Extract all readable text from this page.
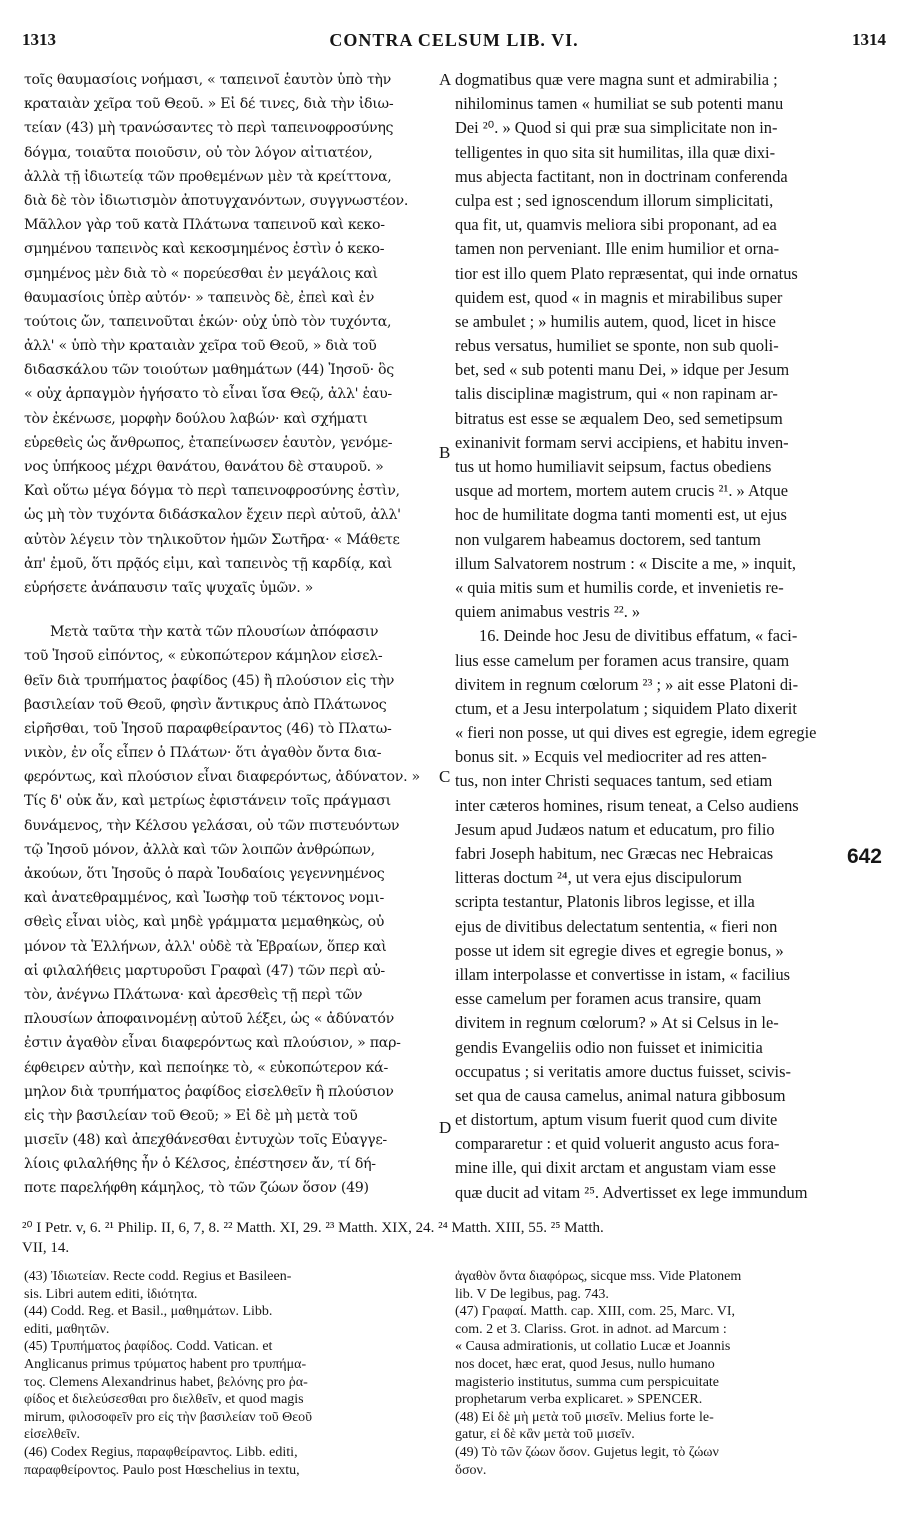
1313	CONTRA CELSUM LIB. VI.	1314
τοῖς θαυμασίοις νοήμασι, « ταπεινοῖ ἑαυτὸν ὑπὸ τὴν
κραταιὰν χεῖρα τοῦ Θεοῦ. » Εἰ δέ τινες, διὰ τὴν ἰδιω-
τείαν (43) μὴ τρανώσαντες τὸ περὶ ταπεινοφροσύνης
δόγμα, τοιαῦτα ποιοῦσιν, οὐ τὸν λόγον αἰτιατέον,
ἀλλὰ τῇ ἰδιωτείᾳ τῶν προθεμένων μὲν τὰ κρείττονα,
διὰ δὲ τὸν ἰδιωτισμὸν ἀποτυγχανόντων, συγγνωστέον.
Μᾶλλον γὰρ τοῦ κατὰ Πλάτωνα ταπεινοῦ καὶ κεκο-
σμημένου ταπεινὸς καὶ κεκοσμημένος ἐστὶν ὁ κεκο-
σμημένος μὲν διὰ τὸ « πορεύεσθαι ἐν μεγάλοις καὶ
θαυμασίοις ὑπὲρ αὐτόν· » ταπεινὸς δὲ, ἐπεὶ καὶ ἐν
τούτοις ὤν, ταπεινοῦται ἑκών· οὐχ ὑπὸ τὸν τυχόντα,
ἀλλ' « ὑπὸ τὴν κραταιὰν χεῖρα τοῦ Θεοῦ, » διὰ τοῦ
διδασκάλου τῶν τοιούτων μαθημάτων (44) Ἰησοῦ· ὃς
« οὐχ ἁρπαγμὸν ἡγήσατο τὸ εἶναι ἴσα Θεῷ, ἀλλ' ἑαυ-
τὸν ἐκένωσε, μορφὴν δούλου λαβών· καὶ σχήματι
εὑρεθεὶς ὡς ἄνθρωπος, ἐταπείνωσεν ἑαυτὸν, γενόμε-
νος ὑπήκοος μέχρι θανάτου, θανάτου δὲ σταυροῦ. »
Καὶ οὕτω μέγα δόγμα τὸ περὶ ταπεινοφροσύνης ἐστὶν,
ὡς μὴ τὸν τυχόντα διδάσκαλον ἔχειν περὶ αὐτοῦ, ἀλλ'
αὐτὸν λέγειν τὸν τηλικοῦτον ἡμῶν Σωτῆρα· « Μάθετε
ἀπ' ἐμοῦ, ὅτι πρᾷός εἰμι, καὶ ταπεινὸς τῇ καρδίᾳ, καὶ
εὑρήσετε ἀνάπαυσιν ταῖς ψυχαῖς ὑμῶν. »
Μετὰ ταῦτα τὴν κατὰ τῶν πλουσίων ἀπόφασιν
τοῦ Ἰησοῦ εἰπόντος, « εὐκοπώτερον κάμηλον εἰσελ-
θεῖν διὰ τρυπήματος ῥαφίδος (45) ἢ πλούσιον εἰς τὴν
βασιλείαν τοῦ Θεοῦ, φησὶν ἄντικρυς ἀπὸ Πλάτωνος
εἰρῆσθαι, τοῦ Ἰησοῦ παραφθείραντος (46) τὸ Πλατω-
νικὸν, ἐν οἷς εἶπεν ὁ Πλάτων· ὅτι ἀγαθὸν ὄντα δια-
φερόντως, καὶ πλούσιον εἶναι διαφερόντως, ἀδύνατον. »
Τίς δ' οὐκ ἄν, καὶ μετρίως ἐφιστάνειν τοῖς πράγμασι
δυνάμενος, τὴν Κέλσου γελάσαι, οὐ τῶν πιστευόντων
τῷ Ἰησοῦ μόνον, ἀλλὰ καὶ τῶν λοιπῶν ἀνθρώπων,
ἀκούων, ὅτι Ἰησοῦς ὁ παρὰ Ἰουδαίοις γεγεννημένος
καὶ ἀνατεθραμμένος, καὶ Ἰωσὴφ τοῦ τέκτονος νομι-
σθεὶς εἶναι υἱὸς, καὶ μηδὲ γράμματα μεμαθηκὼς, οὐ
μόνον τὰ Ἑλλήνων, ἀλλ' οὐδὲ τὰ Ἑβραίων, ὅπερ καὶ
αἱ φιλαλήθεις μαρτυροῦσι Γραφαὶ (47) τῶν περὶ αὐ-
τὸν, ἀνέγνω Πλάτωνα· καὶ ἀρεσθεὶς τῇ περὶ τῶν
πλουσίων ἀποφαινομένῃ αὐτοῦ λέξει, ὡς « ἀδύνατόν
ἐστιν ἀγαθὸν εἶναι διαφερόντως καὶ πλούσιον, » παρ-
έφθειρεν αὐτὴν, καὶ πεποίηκε τὸ, « εὐκοπώτερον κά-
μηλον διὰ τρυπήματος ῥαφίδος εἰσελθεῖν ἢ πλούσιον
εἰς τὴν βασιλείαν τοῦ Θεοῦ; » Εἰ δὲ μὴ μετὰ τοῦ
μισεῖν (48) καὶ ἀπεχθάνεσθαι ἐντυχὼν τοῖς Εὐαγγε-
λίοις φιλαλήθης ἦν ὁ Κέλσος, ἐπέστησεν ἄν, τί δή-
ποτε παρελήφθη κάμηλος, τὸ τῶν ζώων ὅσον (49)
dogmatibus quæ vere magna sunt et admirabilia ;
nihilominus tamen « humiliat se sub potenti manu
Dei ²⁰. » Quod si qui præ sua simplicitate non in-
telligentes in quo sita sit humilitas, illa quæ dixi-
mus abjecta factitant, non in doctrinam conferenda
culpa est ; sed ignoscendum illorum simplicitati,
qua fit, ut, quamvis meliora sibi proponant, ad ea
tamen non perveniant. Ille enim humilior et orna-
tior est illo quem Plato repræsentat, qui inde ornatus
quidem est, quod « in magnis et mirabilibus super
se ambulet ; » humilis autem, quod, licet in hisce
rebus versatus, humiliet se sponte, non sub quoli-
bet, sed « sub potenti manu Dei, » idque per Jesum
talis disciplinæ magistrum, qui « non rapinam ar-
bitratus est esse se æqualem Deo, sed semetipsum
exinanivit formam servi accipiens, et habitu inven-
tus ut homo humiliavit seipsum, factus obediens
usque ad mortem, mortem autem crucis ²¹. » Atque
hoc de humilitate dogma tanti momenti est, ut ejus
non vulgarem habeamus doctorem, sed tantum
illum Salvatorem nostrum : « Discite a me, » inquit,
« quia mitis sum et humilis corde, et invenietis re-
quiem animabus vestris ²². »
16. Deinde hoc Jesu de divitibus effatum, « faci-
lius esse camelum per foramen acus transire, quam
divitem in regnum cœlorum ²³ ; » ait esse Platoni di-
ctum, et a Jesu interpolatum ; siquidem Plato dixerit
« fieri non posse, ut qui dives est egregie, idem egregie
bonus sit. » Ecquis vel mediocriter ad res atten-
tus, non inter Christi sequaces tantum, sed etiam
inter cæteros homines, risum teneat, a Celso audiens
Jesum apud Judæos natum et educatum, pro filio
fabri Joseph habitum, nec Græcas nec Hebraicas
litteras doctum ²⁴, ut vera ejus discipulorum
scripta testantur, Platonis libros legisse, et illa
ejus de divitibus delectatum sententia, « fieri non
posse ut idem sit egregie dives et egregie bonus, »
illam interpolasse et convertisse in istam, « facilius
esse camelum per foramen acus transire, quam
divitem in regnum cœlorum? » At si Celsus in le-
gendis Evangeliis odio non fuisset et inimicitia
occupatus ; si veritatis amore ductus fuisset, scivis-
set qua de causa camelus, animal natura gibbosum
et distortum, aptum visum fuerit quod cum divite
compararetur : et quid voluerit angusto acus fora-
mine ille, qui dixit arctam et angustam viam esse
quæ ducit ad vitam ²⁵. Advertisset ex lege immundum
A
B
C
D
642
²⁰ I Petr. v, 6. ²¹ Philip. II, 6, 7, 8. ²² Matth. XI, 29. ²³ Matth. XIX, 24. ²⁴ Matth. XIII, 55. ²⁵ Matth.
VII, 14.
(43) Ἰδιωτείαν. Recte codd. Regius et Basileen-
sis. Libri autem editi, ἰδιότητα.
(44) Codd. Reg. et Basil., μαθημάτων. Libb.
editi, μαθητῶν.
(45) Τρυπήματος ῥαφίδος. Codd. Vatican. et
Anglicanus primus τρύματος habent pro τρυπήμα-
τος. Clemens Alexandrinus habet, βελόνης pro ῥα-
φίδος et διελεύσεσθαι pro διελθεῖν, et quod magis
mirum, φιλοσοφεῖν pro εἰς τὴν βασιλείαν τοῦ Θεοῦ
εἰσελθεῖν.
(46) Codex Regius, παραφθείραντος. Libb. editi,
παραφθείροντος. Paulo post Hœschelius in textu,
ἀγαθὸν ὄντα διαφόρως, sicque mss. Vide Platonem
lib. V De legibus, pag. 743.
(47) Γραφαί. Matth. cap. XIII, com. 25, Marc. VI,
com. 2 et 3. Clariss. Grot. in adnot. ad Marcum :
« Causa admirationis, ut collatio Lucæ et Joannis
nos docet, hæc erat, quod Jesus, nullo humano
magisterio institutus, summa cum perspicuitate
prophetarum verba explicaret. » SPENCER.
(48) Εἰ δὲ μὴ μετὰ τοῦ μισεῖν. Melius forte le-
gatur, εἰ δὲ κἂν μετὰ τοῦ μισεῖν.
(49) Τὸ τῶν ζώων ὅσον. Gujetus legit, τὸ ζώων
ὅσον.
